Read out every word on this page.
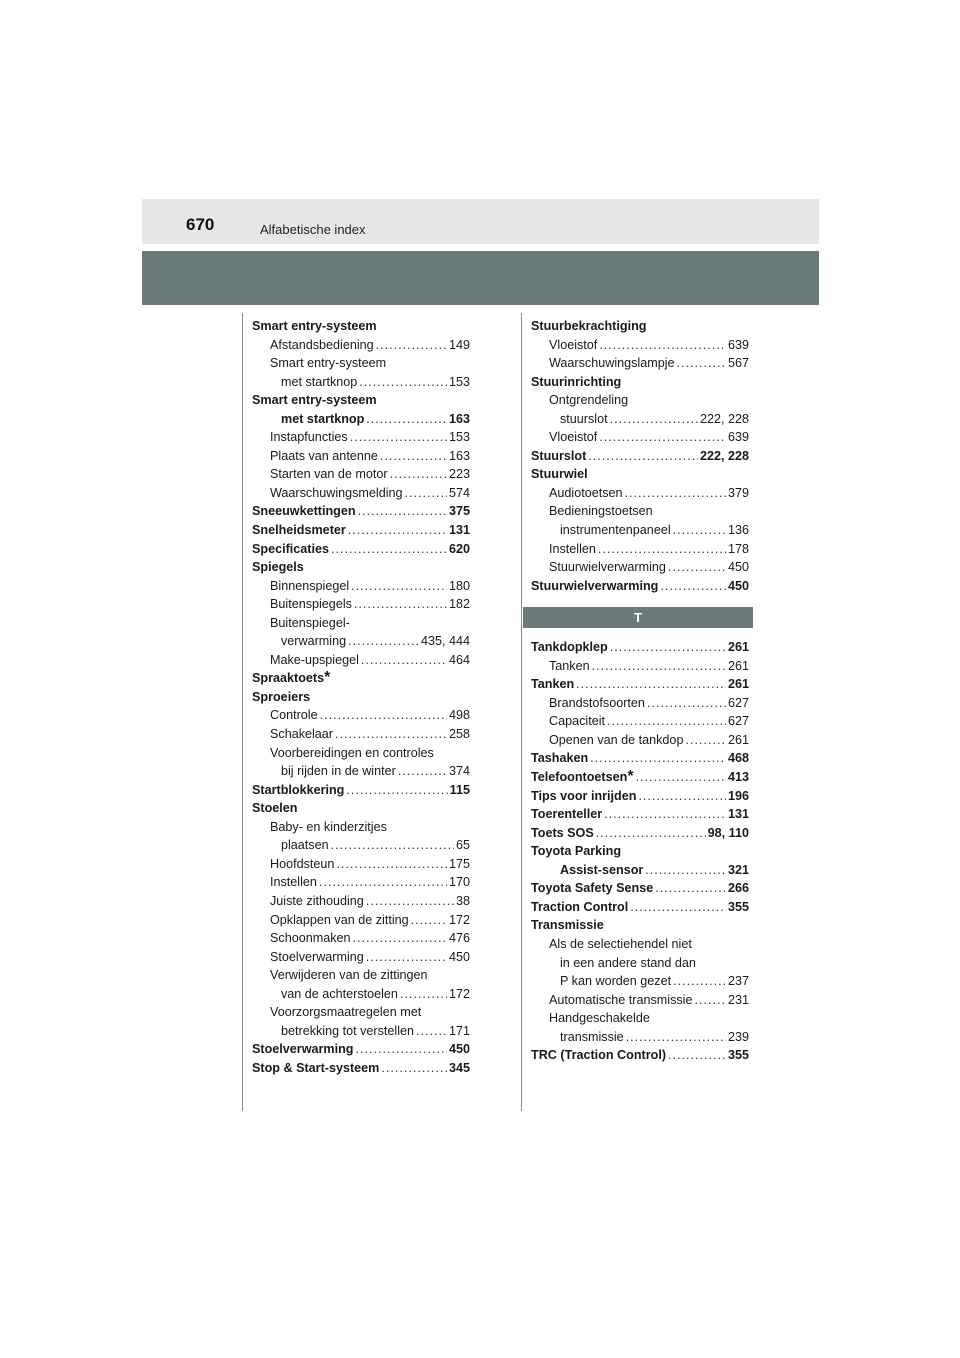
670	Alfabetische index
Smart entry-systeem
Afstandsbediening .....	149
Smart entry-systeem
met startknop .....	153
Smart entry-systeem
met startknop .....	163
Instapfuncties .....	153
Plaats van antenne .....	163
Starten van de motor .....	223
Waarschuwingsmelding .....	574
Sneeuwkettingen .....	375
Snelheidsmeter .....	131
Specificaties .....	620
Spiegels
Binnenspiegel .....	180
Buitenspiegels .....	182
Buitenspiegel-
verwarming .....	435, 444
Make-upspiegel .....	464
Spraaktoets *
Sproeiers
Controle .....	498
Schakelaar .....	258
Voorbereidingen en controles
bij rijden in de winter .....	374
Startblokkering .....	115
Stoelen
Baby- en kinderzitjes
plaatsen .....	65
Hoofdsteun .....	175
Instellen .....	170
Juiste zithouding .....	38
Opklappen van de zitting .....	172
Schoonmaken .....	476
Stoelverwarming .....	450
Verwijderen van de zittingen
van de achterstoelen .....	172
Voorzorgsmaatregelen met
betrekking tot verstellen .....	171
Stoelverwarming .....	450
Stop & Start-systeem .....	345
Stuurbekrachtiging
Vloeistof .....	639
Waarschuwingslampje .....	567
Stuurinrichting
Ontgrendeling
stuurslot .....	222, 228
Vloeistof .....	639
Stuurslot .....	222, 228
Stuurwiel
Audiotoetsen .....	379
Bedieningstoetsen
instrumentenpaneel .....	136
Instellen .....	178
Stuurwielverwarming .....	450
Stuurwielverwarming .....	450
T
Tankdopklep .....	261
Tanken .....	261
Tanken .....	261
Brandstofsoorten .....	627
Capaciteit .....	627
Openen van de tankdop .....	261
Tashaken .....	468
Telefoontoetsen * .....	413
Tips voor inrijden .....	196
Toerenteller .....	131
Toets SOS .....	98, 110
Toyota Parking
Assist-sensor .....	321
Toyota Safety Sense .....	266
Traction Control .....	355
Transmissie
Als de selectiehendel niet
in een andere stand dan
P kan worden gezet .....	237
Automatische transmissie .....	231
Handgeschakelde
transmissie .....	239
TRC (Traction Control) .....	355
